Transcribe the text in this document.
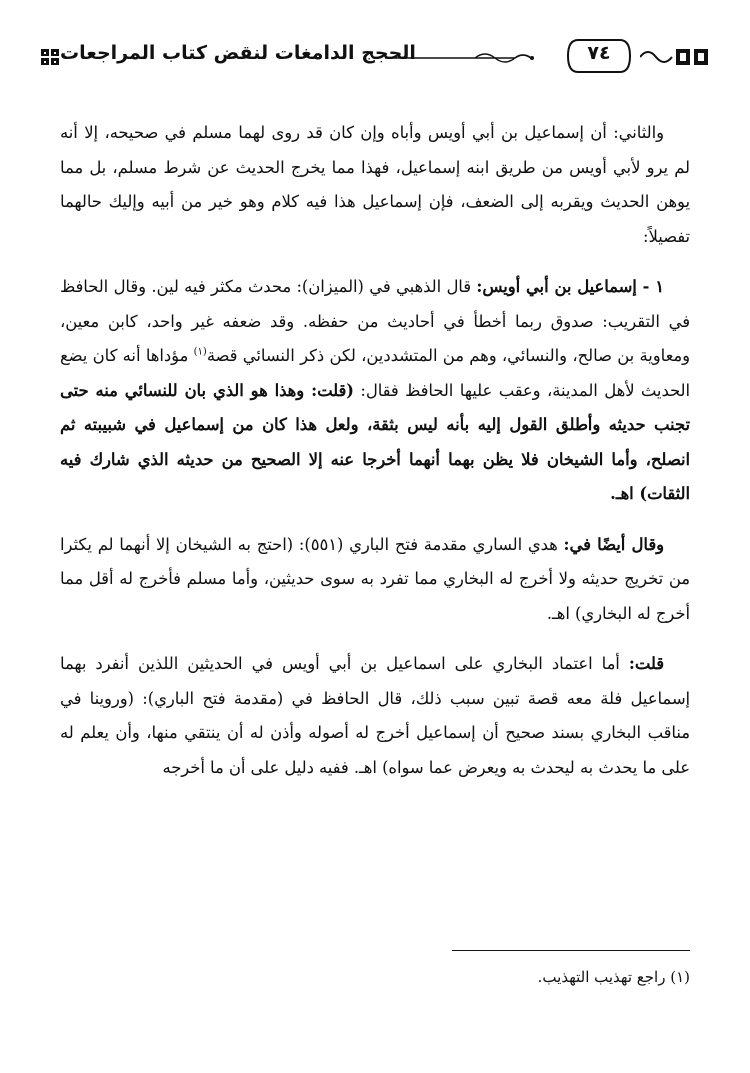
الحجج الدامغات لنقض كتاب المراجعات	٧٤

والثاني: أن إسماعيل بن أبي أويس وأباه وإن كان قد روى لهما مسلم في صحيحه، إلا أنه لم يرو لأبي أويس من طريق ابنه إسماعيل، فهذا مما يخرج الحديث عن شرط مسلم، بل مما يوهن الحديث ويقربه إلى الضعف، فإن إسماعيل هذا فيه كلام وهو خير من أبيه وإليك حالهما تفصيلاً:

١ - إسماعيل بن أبي أويس: قال الذهبي في (الميزان): محدث مكثر فيه لين. وقال الحافظ في التقريب: صدوق ربما أخطأ في أحاديث من حفظه. وقد ضعفه غير واحد، كابن معين، ومعاوية بن صالح، والنسائي، وهم من المتشددين، لكن ذكر النسائي قصة$^{(١)}$ مؤداها أنه كان يضع الحديث لأهل المدينة، وعقب عليها الحافظ فقال: (قلت: وهذا هو الذي بان للنسائي منه حتى تجنب حديثه وأطلق القول إليه بأنه ليس بثقة، ولعل هذا كان من إسماعيل في شبيبته ثم انصلح، وأما الشيخان فلا يظن بهما أنهما أخرجا عنه إلا الصحيح من حديثه الذي شارك فيه الثقات) اهـ.

وقال أيضًا في: هدي الساري مقدمة فتح الباري (٥٥١): (احتج به الشيخان إلا أنهما لم يكثرا من تخريج حديثه ولا أخرج له البخاري مما تفرد به سوى حديثين، وأما مسلم فأخرج له أقل مما أخرج له البخاري) اهـ.

قلت: أما اعتماد البخاري على اسماعيل بن أبي أويس في الحديثين اللذين أنفرد بهما إسماعيل فلة معه قصة تبين سبب ذلك، قال الحافظ في (مقدمة فتح الباري): (وروينا في مناقب البخاري بسند صحيح أن إسماعيل أخرج له أصوله وأذن له أن ينتقي منها، وأن يعلم له على ما يحدث به ليحدث به ويعرض عما سواه) اهـ. ففيه دليل على أن ما أخرجه

(١) راجع تهذيب التهذيب.
